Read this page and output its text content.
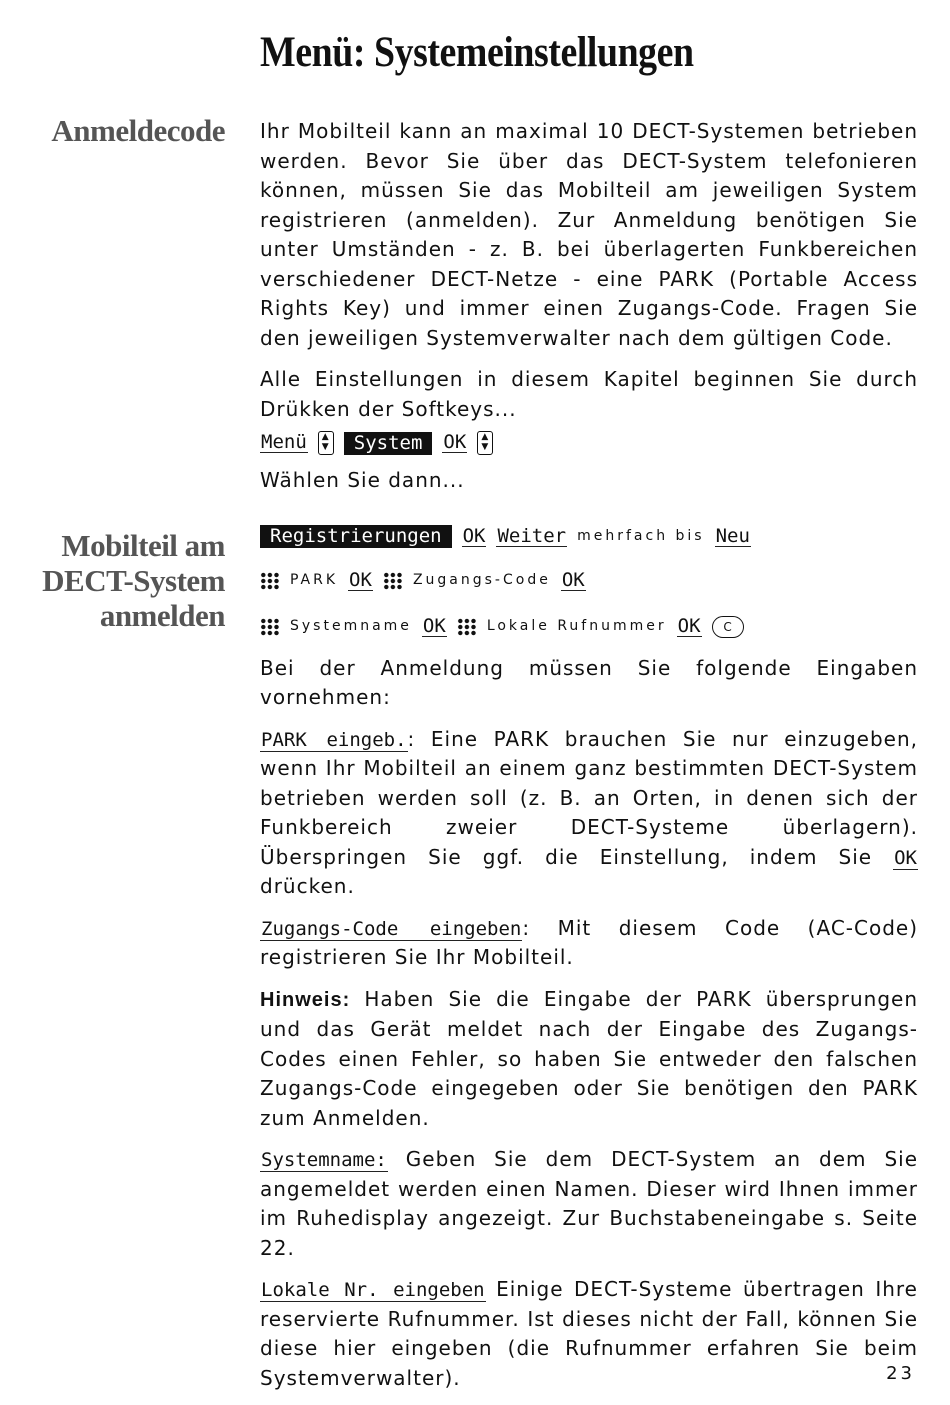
Menü: Systemeinstellungen
Anmeldecode
Mobilteil am
DECT-System
anmelden

Ihr Mobilteil kann an maximal 10 DECT-Systemen betrieben werden. Bevor Sie über das DECT-System telefonieren können, müssen Sie das Mobilteil am jeweiligen System registrieren (anmelden). Zur Anmeldung benötigen Sie unter Umständen - z. B. bei überlagerten Funkbereichen verschiedener DECT-Netze - eine PARK (Portable Access Rights Key) und immer einen Zugangs-Code. Fragen Sie den jeweiligen Systemverwalter nach dem gültigen Code.

Alle Einstellungen in diesem Kapitel beginnen Sie durch Drükken der Softkeys...

Menü	▲
▼	System	OK	▲
▼

Wählen Sie dann...

Registrierungen	OK Weiter mehrfach bis Neu
PARK OK	Zugangs-Code OK
Systemname OK	Lokale Rufnummer OK	C

Bei der Anmeldung müssen Sie folgende Eingaben vornehmen:

PARK eingeb.: Eine PARK brauchen Sie nur einzugeben, wenn Ihr Mobilteil an einem ganz bestimmten DECT-System betrieben werden soll (z. B. an Orten, in denen sich der Funkbereich zweier DECT-Systeme überlagern). Überspringen Sie ggf. die Einstellung, indem Sie OK drücken.

Zugangs-Code eingeben: Mit diesem Code (AC-Code) registrieren Sie Ihr Mobilteil.

Hinweis: Haben Sie die Eingabe der PARK übersprungen und das Gerät meldet nach der Eingabe des Zugangs-Codes einen Fehler, so haben Sie entweder den falschen Zugangs-Code eingegeben oder Sie benötigen den PARK zum Anmelden.

Systemname: Geben Sie dem DECT-System an dem Sie angemeldet werden einen Namen. Dieser wird Ihnen immer im Ruhedisplay angezeigt. Zur Buchstabeneingabe s. Seite 22.

Lokale Nr. eingeben Einige DECT-Systeme übertragen Ihre reservierte Rufnummer. Ist dieses nicht der Fall, können Sie diese hier eingeben (die Rufnummer erfahren Sie beim Systemverwalter).	23
